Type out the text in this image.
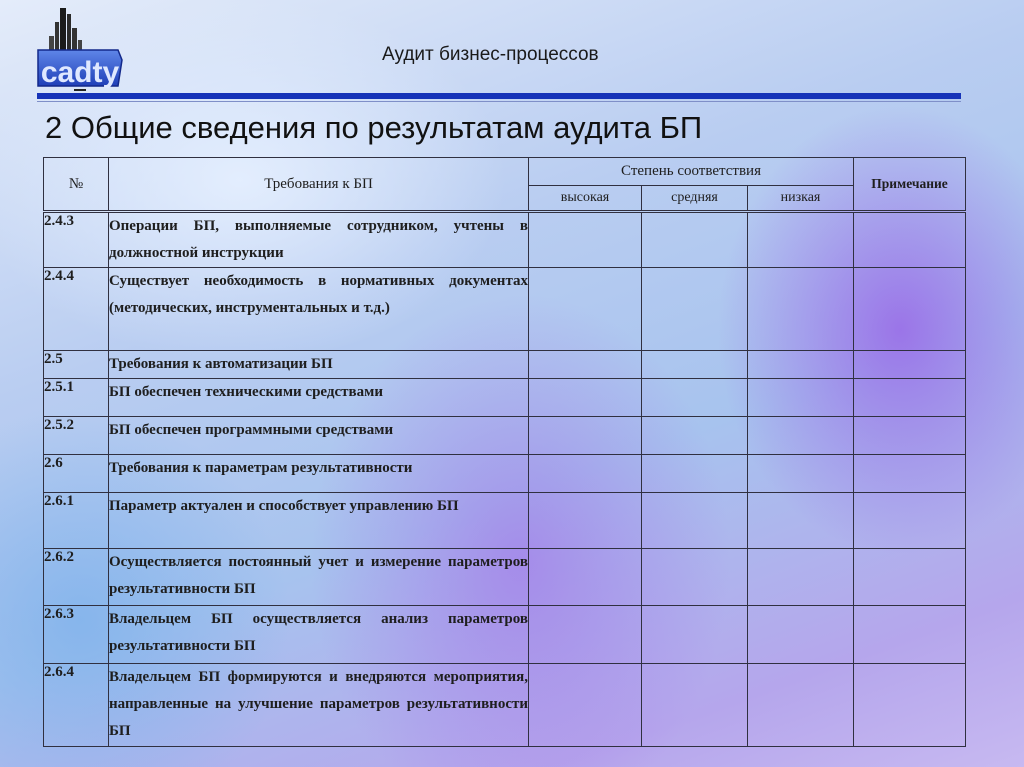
cadty
Аудит бизнес-процессов
2 Общие сведения по результатам аудита БП
№	Требования к БП	Степень соответствия			Примечание
		высокая	средняя	низкая	
2.4.3	Операции БП, выполняемые сотрудником, учтены в должностной инструкции				
2.4.4	Существует необходимость в нормативных документах (методических, инструментальных и т.д.)				
2.5	Требования к автоматизации БП				
2.5.1	БП обеспечен техническими средствами				
2.5.2	БП обеспечен программными средствами				
2.6	Требования к параметрам результативности				
2.6.1	Параметр актуален и способствует управлению БП				
2.6.2	Осуществляется постоянный учет и измерение параметров результативности БП				
2.6.3	Владельцем БП осуществляется анализ параметров результативности БП				
2.6.4	Владельцем БП формируются и внедряются мероприятия, направленные на улучшение параметров результативности БП				
